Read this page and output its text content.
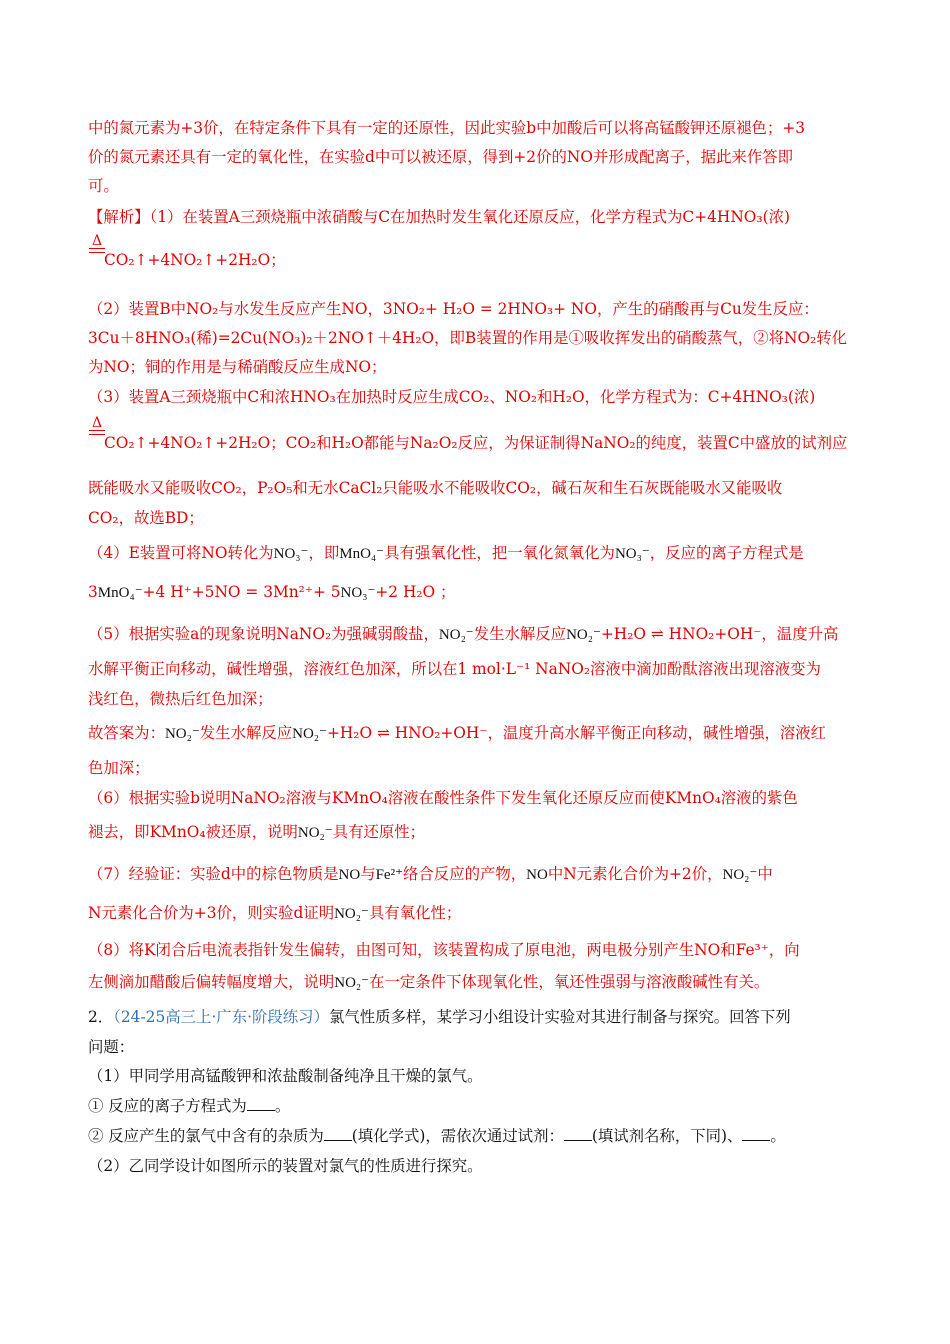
中的氮元素为+3价，在特定条件下具有一定的还原性，因此实验b中加酸后可以将高锰酸钾还原褪色；+3
价的氮元素还具有一定的氧化性，在实验d中可以被还原，得到+2价的NO并形成配离子，据此来作答即
可。
【解析】（1）在装置A三颈烧瓶中浓硝酸与C在加热时发生氧化还原反应，化学方程式为C+4HNO₃(浓)
Δ
CO₂↑+4NO₂↑+2H₂O；
（2）装置B中NO₂与水发生反应产生NO，3NO₂+ H₂O = 2HNO₃+ NO，产生的硝酸再与Cu发生反应：
3Cu＋8HNO₃(稀)=2Cu(NO₃)₂＋2NO↑＋4H₂O，即B装置的作用是①吸收挥发出的硝酸蒸气，②将NO₂转化
为NO；铜的作用是与稀硝酸反应生成NO；
（3）装置A三颈烧瓶中C和浓HNO₃在加热时反应生成CO₂、NO₂和H₂O，化学方程式为：C+4HNO₃(浓)
Δ
CO₂↑+4NO₂↑+2H₂O；CO₂和H₂O都能与Na₂O₂反应，为保证制得NaNO₂的纯度，装置C中盛放的试剂应
既能吸水又能吸收CO₂，P₂O₅和无水CaCl₂只能吸水不能吸收CO₂，碱石灰和生石灰既能吸水又能吸收
CO₂，故选BD；
（4）E装置可将NO转化为NO₃⁻，即MnO₄⁻具有强氧化性，把一氧化氮氧化为NO₃⁻，反应的离子方程式是
3MnO₄⁻+4 H⁺+5NO = 3Mn²⁺+ 5NO₃⁻+2 H₂O ；
（5）根据实验a的现象说明NaNO₂为强碱弱酸盐，NO₂⁻发生水解反应NO₂⁻+H₂O ⇌ HNO₂+OH⁻，温度升高
水解平衡正向移动，碱性增强，溶液红色加深，所以在1 mol·L⁻¹ NaNO₂溶液中滴加酚酞溶液出现溶液变为
浅红色，微热后红色加深；
故答案为：NO₂⁻发生水解反应NO₂⁻+H₂O ⇌ HNO₂+OH⁻，温度升高水解平衡正向移动，碱性增强，溶液红
色加深；
（6）根据实验b说明NaNO₂溶液与KMnO₄溶液在酸性条件下发生氧化还原反应而使KMnO₄溶液的紫色
褪去，即KMnO₄被还原，说明NO₂⁻具有还原性；
（7）经验证：实验d中的棕色物质是NO与Fe²⁺络合反应的产物，NO中N元素化合价为+2价，NO₂⁻中
N元素化合价为+3价，则实验d证明NO₂⁻具有氧化性；
（8）将K闭合后电流表指针发生偏转，由图可知，该装置构成了原电池，两电极分别产生NO和Fe³⁺，向
左侧滴加醋酸后偏转幅度增大，说明NO₂⁻在一定条件下体现氧化性，氧还性强弱与溶液酸碱性有关。
2．（24-25高三上·广东·阶段练习）氯气性质多样，某学习小组设计实验对其进行制备与探究。回答下列
问题：
（1）甲同学用高锰酸钾和浓盐酸制备纯净且干燥的氯气。
① 反应的离子方程式为 。
② 反应产生的氯气中含有的杂质为 (填化学式)，需依次通过试剂： (填试剂名称，下同)、 。
（2）乙同学设计如图所示的装置对氯气的性质进行探究。
